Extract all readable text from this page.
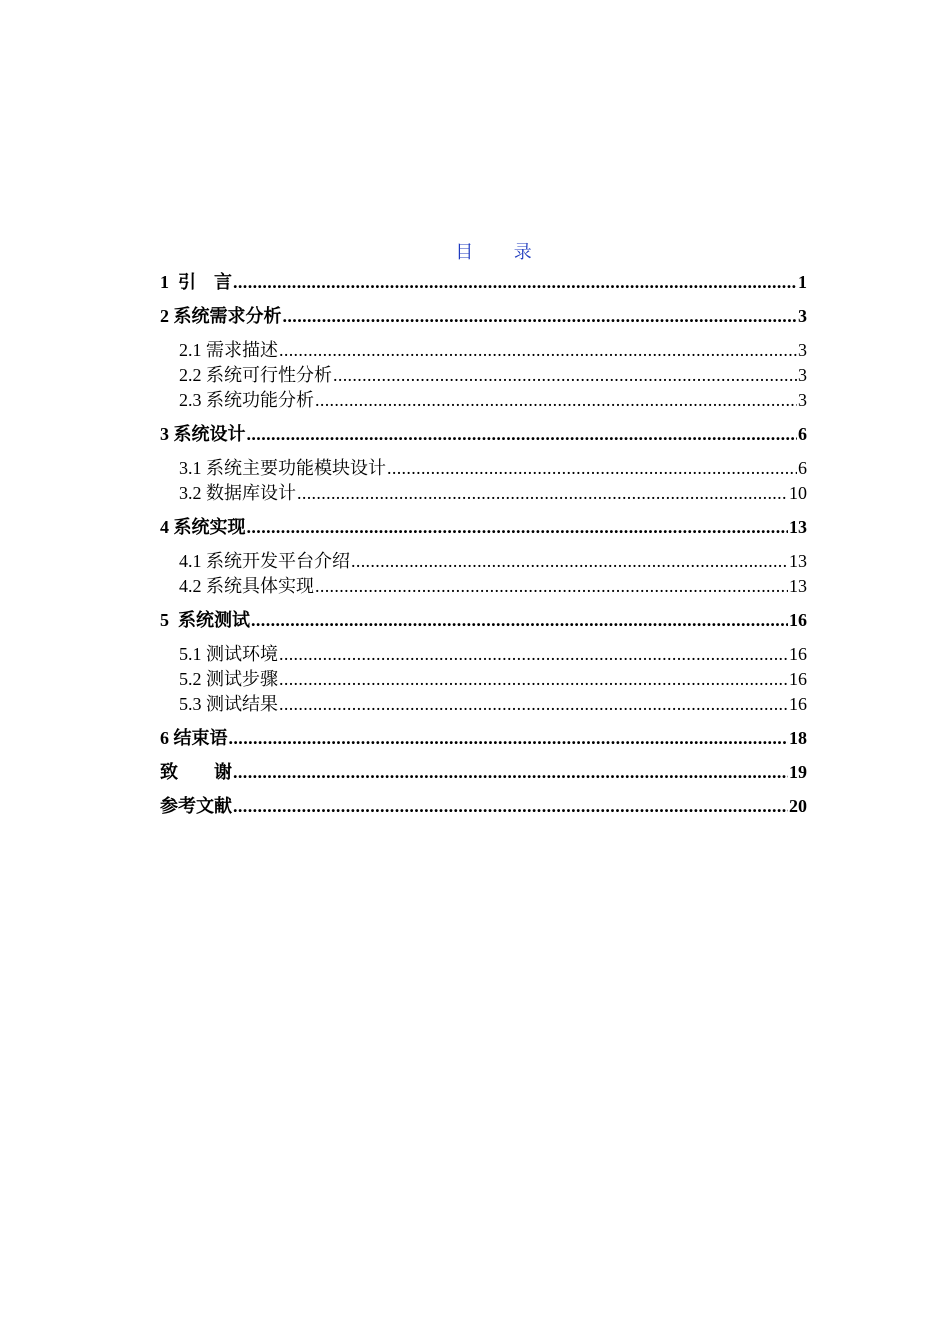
目 录
1  引    言 .....	1
2 系统需求分析 .....	3
2.1 需求描述 .....	3
2.2 系统可行性分析 .....	3
2.3 系统功能分析 .....	3
3 系统设计 .....	6
3.1 系统主要功能模块设计 .....	6
3.2 数据库设计 .....	10
4 系统实现 .....	13
4.1 系统开发平台介绍 .....	13
4.2 系统具体实现 .....	13
5  系统测试 .....	16
5.1 测试环境 .....	16
5.2 测试步骤 .....	16
5.3 测试结果 .....	16
6 结束语 .....	18
致        谢 .....	19
参考文献 .....	20
